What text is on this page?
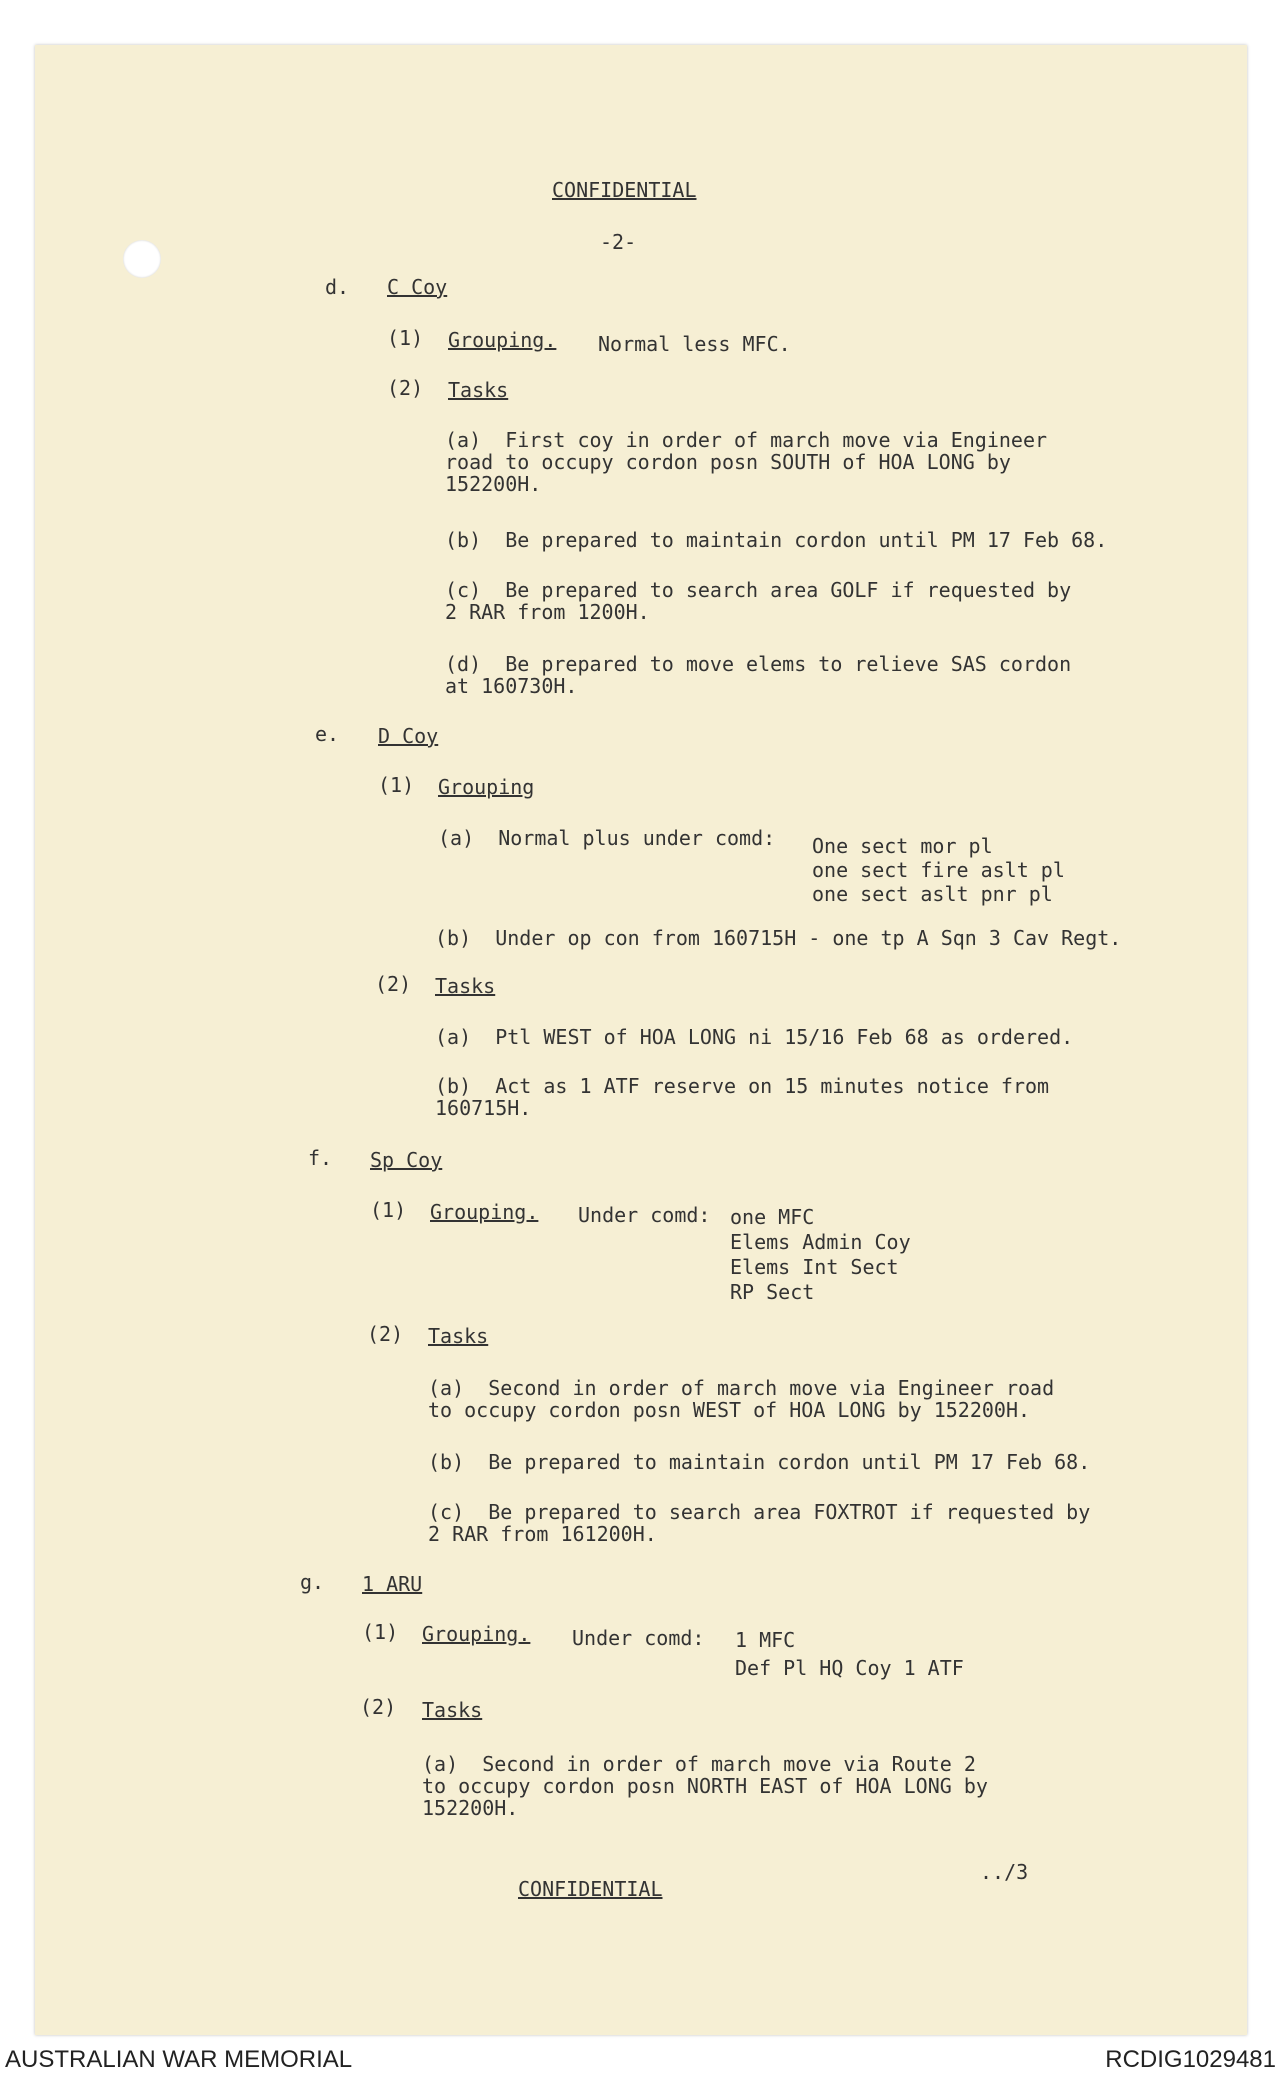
CONFIDENTIAL
-2-
d. C Coy
(1) Grouping. Normal less MFC.
(2) Tasks
(a)  First coy in order of march move via Engineer
road to occupy cordon posn SOUTH of HOA LONG by
152200H.
(b)  Be prepared to maintain cordon until PM 17 Feb 68.
(c)  Be prepared to search area GOLF if requested by
2 RAR from 1200H.
(d)  Be prepared to move elems to relieve SAS cordon
at 160730H.
e. D Coy
(1) Grouping
(a)  Normal plus under comd: One sect mor pl
one sect fire aslt pl
one sect aslt pnr pl
(b)  Under op con from 160715H - one tp A Sqn 3 Cav Regt.
(2) Tasks
(a)  Ptl WEST of HOA LONG ni 15/16 Feb 68 as ordered.
(b)  Act as 1 ATF reserve on 15 minutes notice from
160715H.
f. Sp Coy
(1) Grouping. Under comd: one MFC
Elems Admin Coy
Elems Int Sect
RP Sect
(2) Tasks
(a)  Second in order of march move via Engineer road
to occupy cordon posn WEST of HOA LONG by 152200H.
(b)  Be prepared to maintain cordon until PM 17 Feb 68.
(c)  Be prepared to search area FOXTROT if requested by
2 RAR from 161200H.
g. 1 ARU
(1) Grouping. Under comd: 1 MFC
Def Pl HQ Coy 1 ATF
(2) Tasks
(a)  Second in order of march move via Route 2
to occupy cordon posn NORTH EAST of HOA LONG by
152200H.
../3
CONFIDENTIAL
AUSTRALIAN WAR MEMORIAL	RCDIG1029481
